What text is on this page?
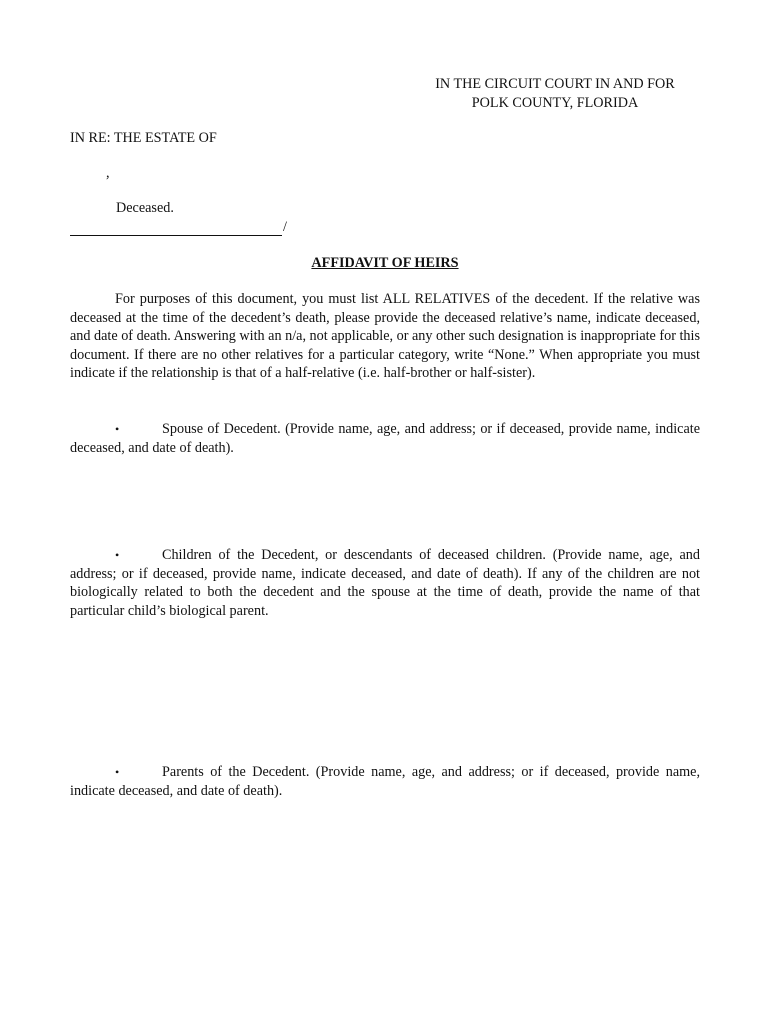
IN THE CIRCUIT COURT IN AND FOR
POLK COUNTY, FLORIDA
IN RE: THE ESTATE OF
,
Deceased.
/
AFFIDAVIT OF HEIRS

For purposes of this document, you must list ALL RELATIVES of the decedent. If the relative was deceased at the time of the decedent’s death, please provide the deceased relative’s name, indicate deceased, and date of death. Answering with an n/a, not applicable, or any other such designation is inappropriate for this document. If there are no other relatives for a particular category, write “None.” When appropriate you must indicate if the relationship is that of a half-relative (i.e. half-brother or half-sister).

•	Spouse of Decedent. (Provide name, age, and address; or if deceased, provide name, indicate deceased, and date of death).

•	Children of the Decedent, or descendants of deceased children. (Provide name, age, and address; or if deceased, provide name, indicate deceased, and date of death). If any of the children are not biologically related to both the decedent and the spouse at the time of death, provide the name of that particular child’s biological parent.

•	Parents of the Decedent. (Provide name, age, and address; or if deceased, provide name, indicate deceased, and date of death).
